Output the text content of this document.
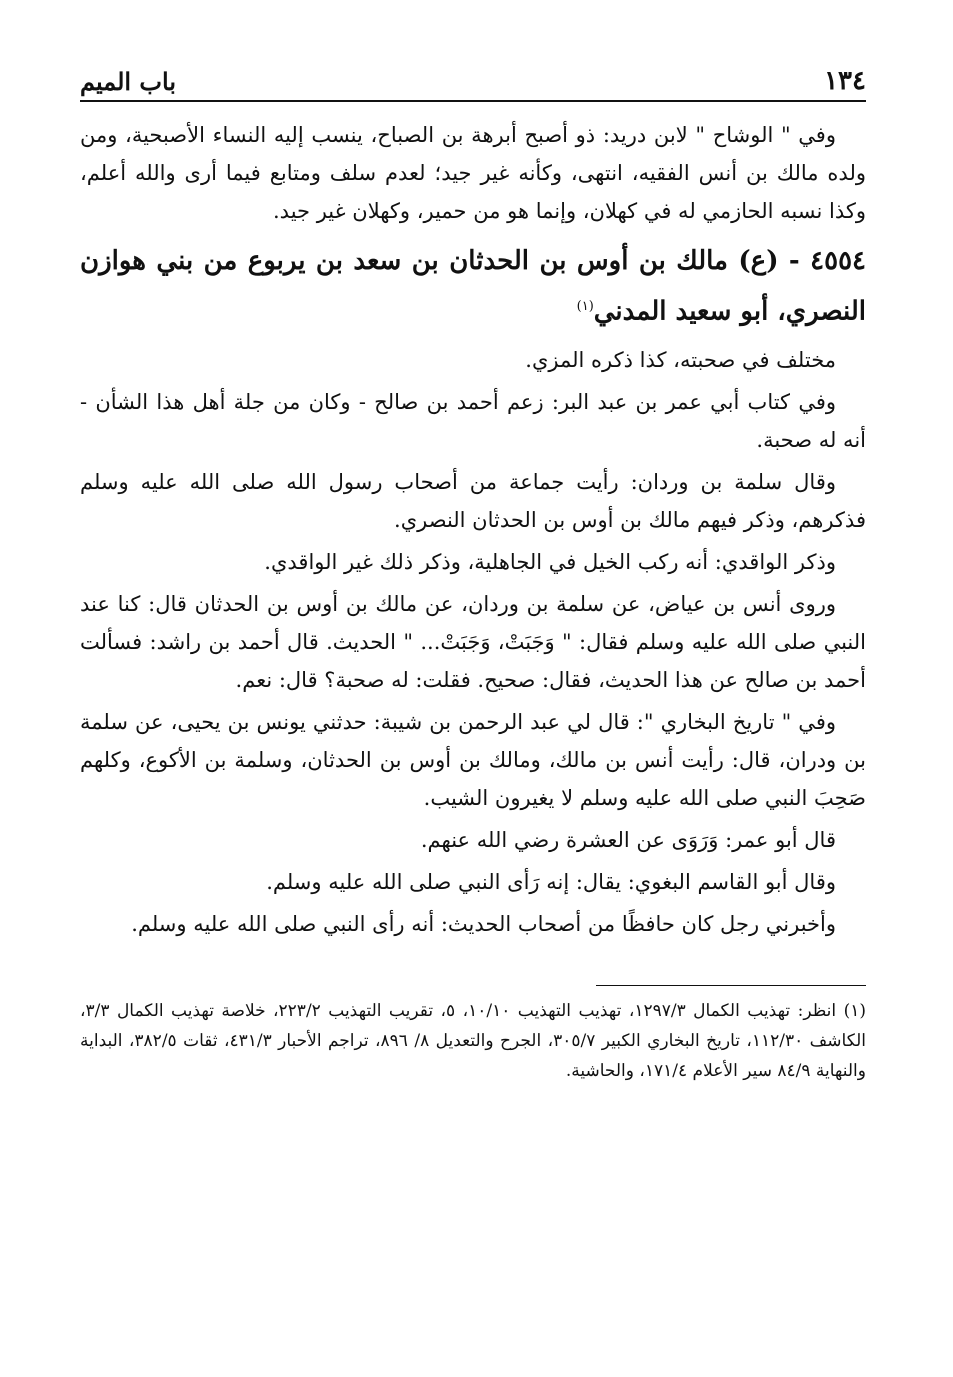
١٣٤
باب الميم

وفي " الوشاح " لابن دريد: ذو أصبح أبرهة بن الصباح، ينسب إليه النساء الأصبحية، ومن ولده مالك بن أنس الفقيه، انتهى، وكأنه غير جيد؛ لعدم سلف ومتابع فيما أرى والله أعلم، وكذا نسبه الحازمي له في كهلان، وإنما هو من حمير، وكهلان غير جيد.

٤٥٥٤ - (ع) مالك بن أوس بن الحدثان بن سعد بن يربوع من بني هوازن النصري، أبو سعيد المدني$^{(١)}$

مختلف في صحبته، كذا ذكره المزي.

وفي كتاب أبي عمر بن عبد البر: زعم أحمد بن صالح - وكان من جلة أهل هذا الشأن - أنه له صحبة.

وقال سلمة بن وردان: رأيت جماعة من أصحاب رسول الله صلى الله عليه وسلم فذكرهم، وذكر فيهم مالك بن أوس بن الحدثان النصري.

وذكر الواقدي: أنه ركب الخيل في الجاهلية، وذكر ذلك غير الواقدي.

وروى أنس بن عياض، عن سلمة بن وردان، عن مالك بن أوس بن الحدثان قال: كنا عند النبي صلى الله عليه وسلم فقال: " وَجَبَتْ، وَجَبَتْ... " الحديث. قال أحمد بن راشد: فسألت أحمد بن صالح عن هذا الحديث، فقال: صحيح. فقلت: له صحبة؟ قال: نعم.

وفي " تاريخ البخاري ": قال لي عبد الرحمن بن شيبة: حدثني يونس بن يحيى، عن سلمة بن ودران، قال: رأيت أنس بن مالك، ومالك بن أوس بن الحدثان، وسلمة بن الأكوع، وكلهم صَحِبَ النبي صلى الله عليه وسلم لا يغيرون الشيب.

قال أبو عمر: وَرَوَى عن العشرة رضي الله عنهم.

وقال أبو القاسم البغوي: يقال: إنه رَأى النبي صلى الله عليه وسلم.

وأخبرني رجل كان حافظًا من أصحاب الحديث: أنه رأى النبي صلى الله عليه وسلم.

(١) انظر: تهذيب الكمال ١٢٩٧/٣، تهذيب التهذيب ١٠/١٠، ٥، تقريب التهذيب ٢٢٣/٢، خلاصة تهذيب الكمال ٣/٣، الكاشف ١١٢/٣٠، تاريخ البخاري الكبير ٣٠٥/٧، الجرح والتعديل ٨/ ٨٩٦، تراجم الأحبار ٤٣١/٣، ثقات ٣٨٢/٥، البداية والنهاية ٨٤/٩ سير الأعلام ١٧١/٤، والحاشية.
